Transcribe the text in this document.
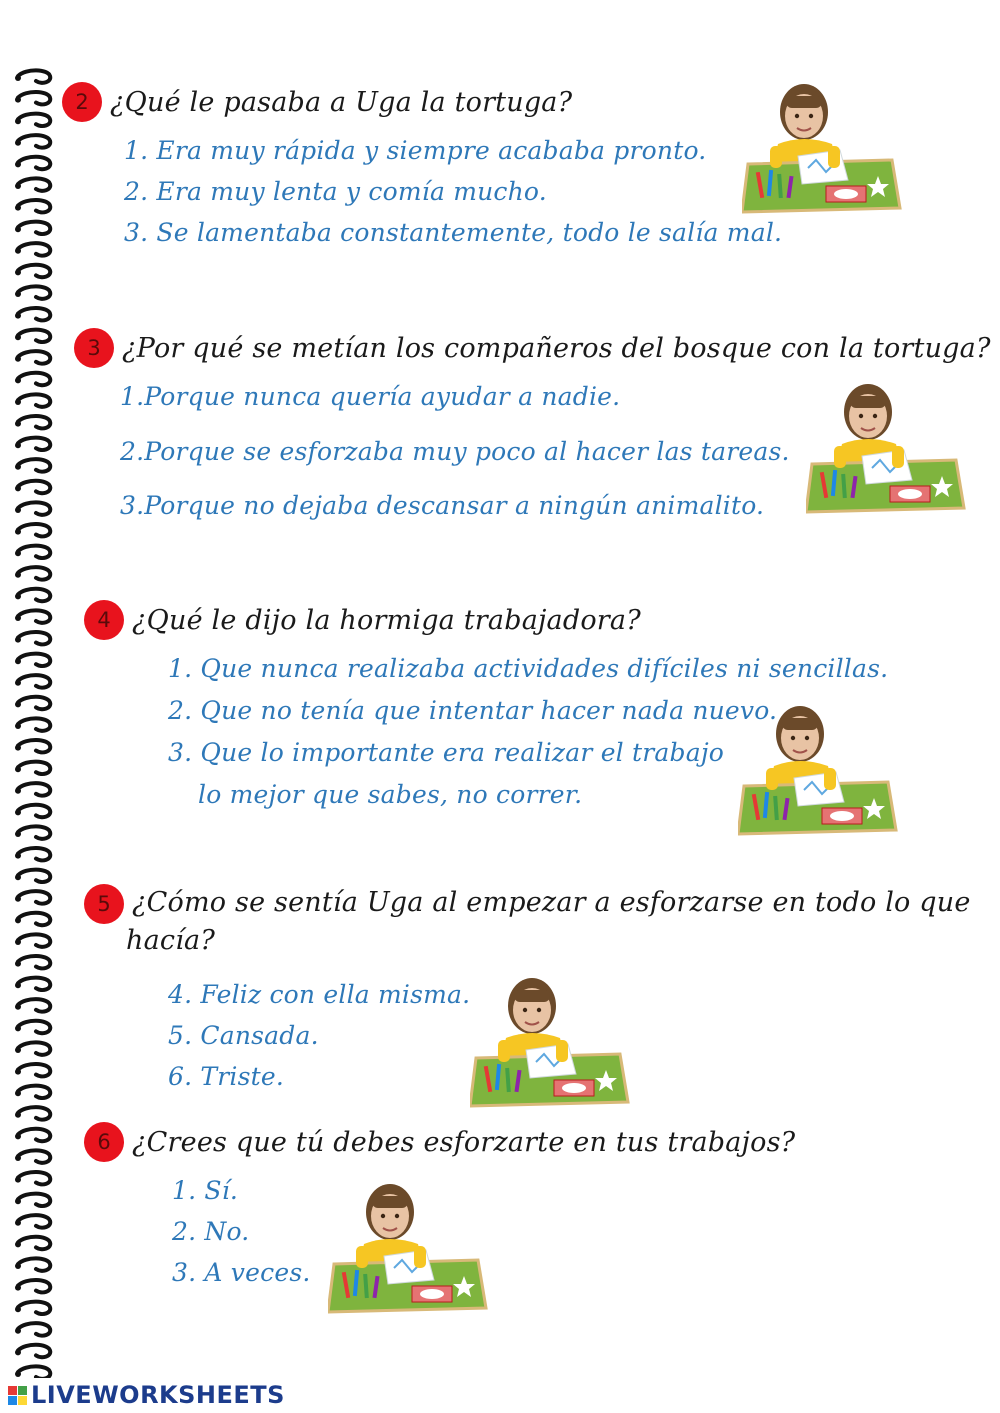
2 ¿Qué le pasaba a Uga la tortuga?
1. Era muy rápida y siempre acababa pronto.
2. Era muy lenta y comía mucho.
3. Se lamentaba constantemente, todo le salía mal.
3 ¿Por qué se metían los compañeros del bosque con la tortuga?
1.Porque nunca quería ayudar a nadie.
2.Porque se esforzaba muy poco al hacer las tareas.
3.Porque no dejaba descansar a ningún animalito.
4 ¿Qué le dijo la hormiga trabajadora?
1. Que nunca realizaba actividades difíciles ni sencillas.
2. Que no tenía que intentar hacer nada nuevo.
3. Que lo importante era realizar el trabajo
lo mejor que sabes, no correr.
5 ¿Cómo se sentía Uga al empezar a esforzarse en todo lo que
hacía?
4. Feliz con ella misma.
5. Cansada.
6. Triste.
6 ¿Crees que tú debes esforzarte en tus trabajos?
1. Sí.
2. No.
3. A veces.
LIVEWORKSHEETS
